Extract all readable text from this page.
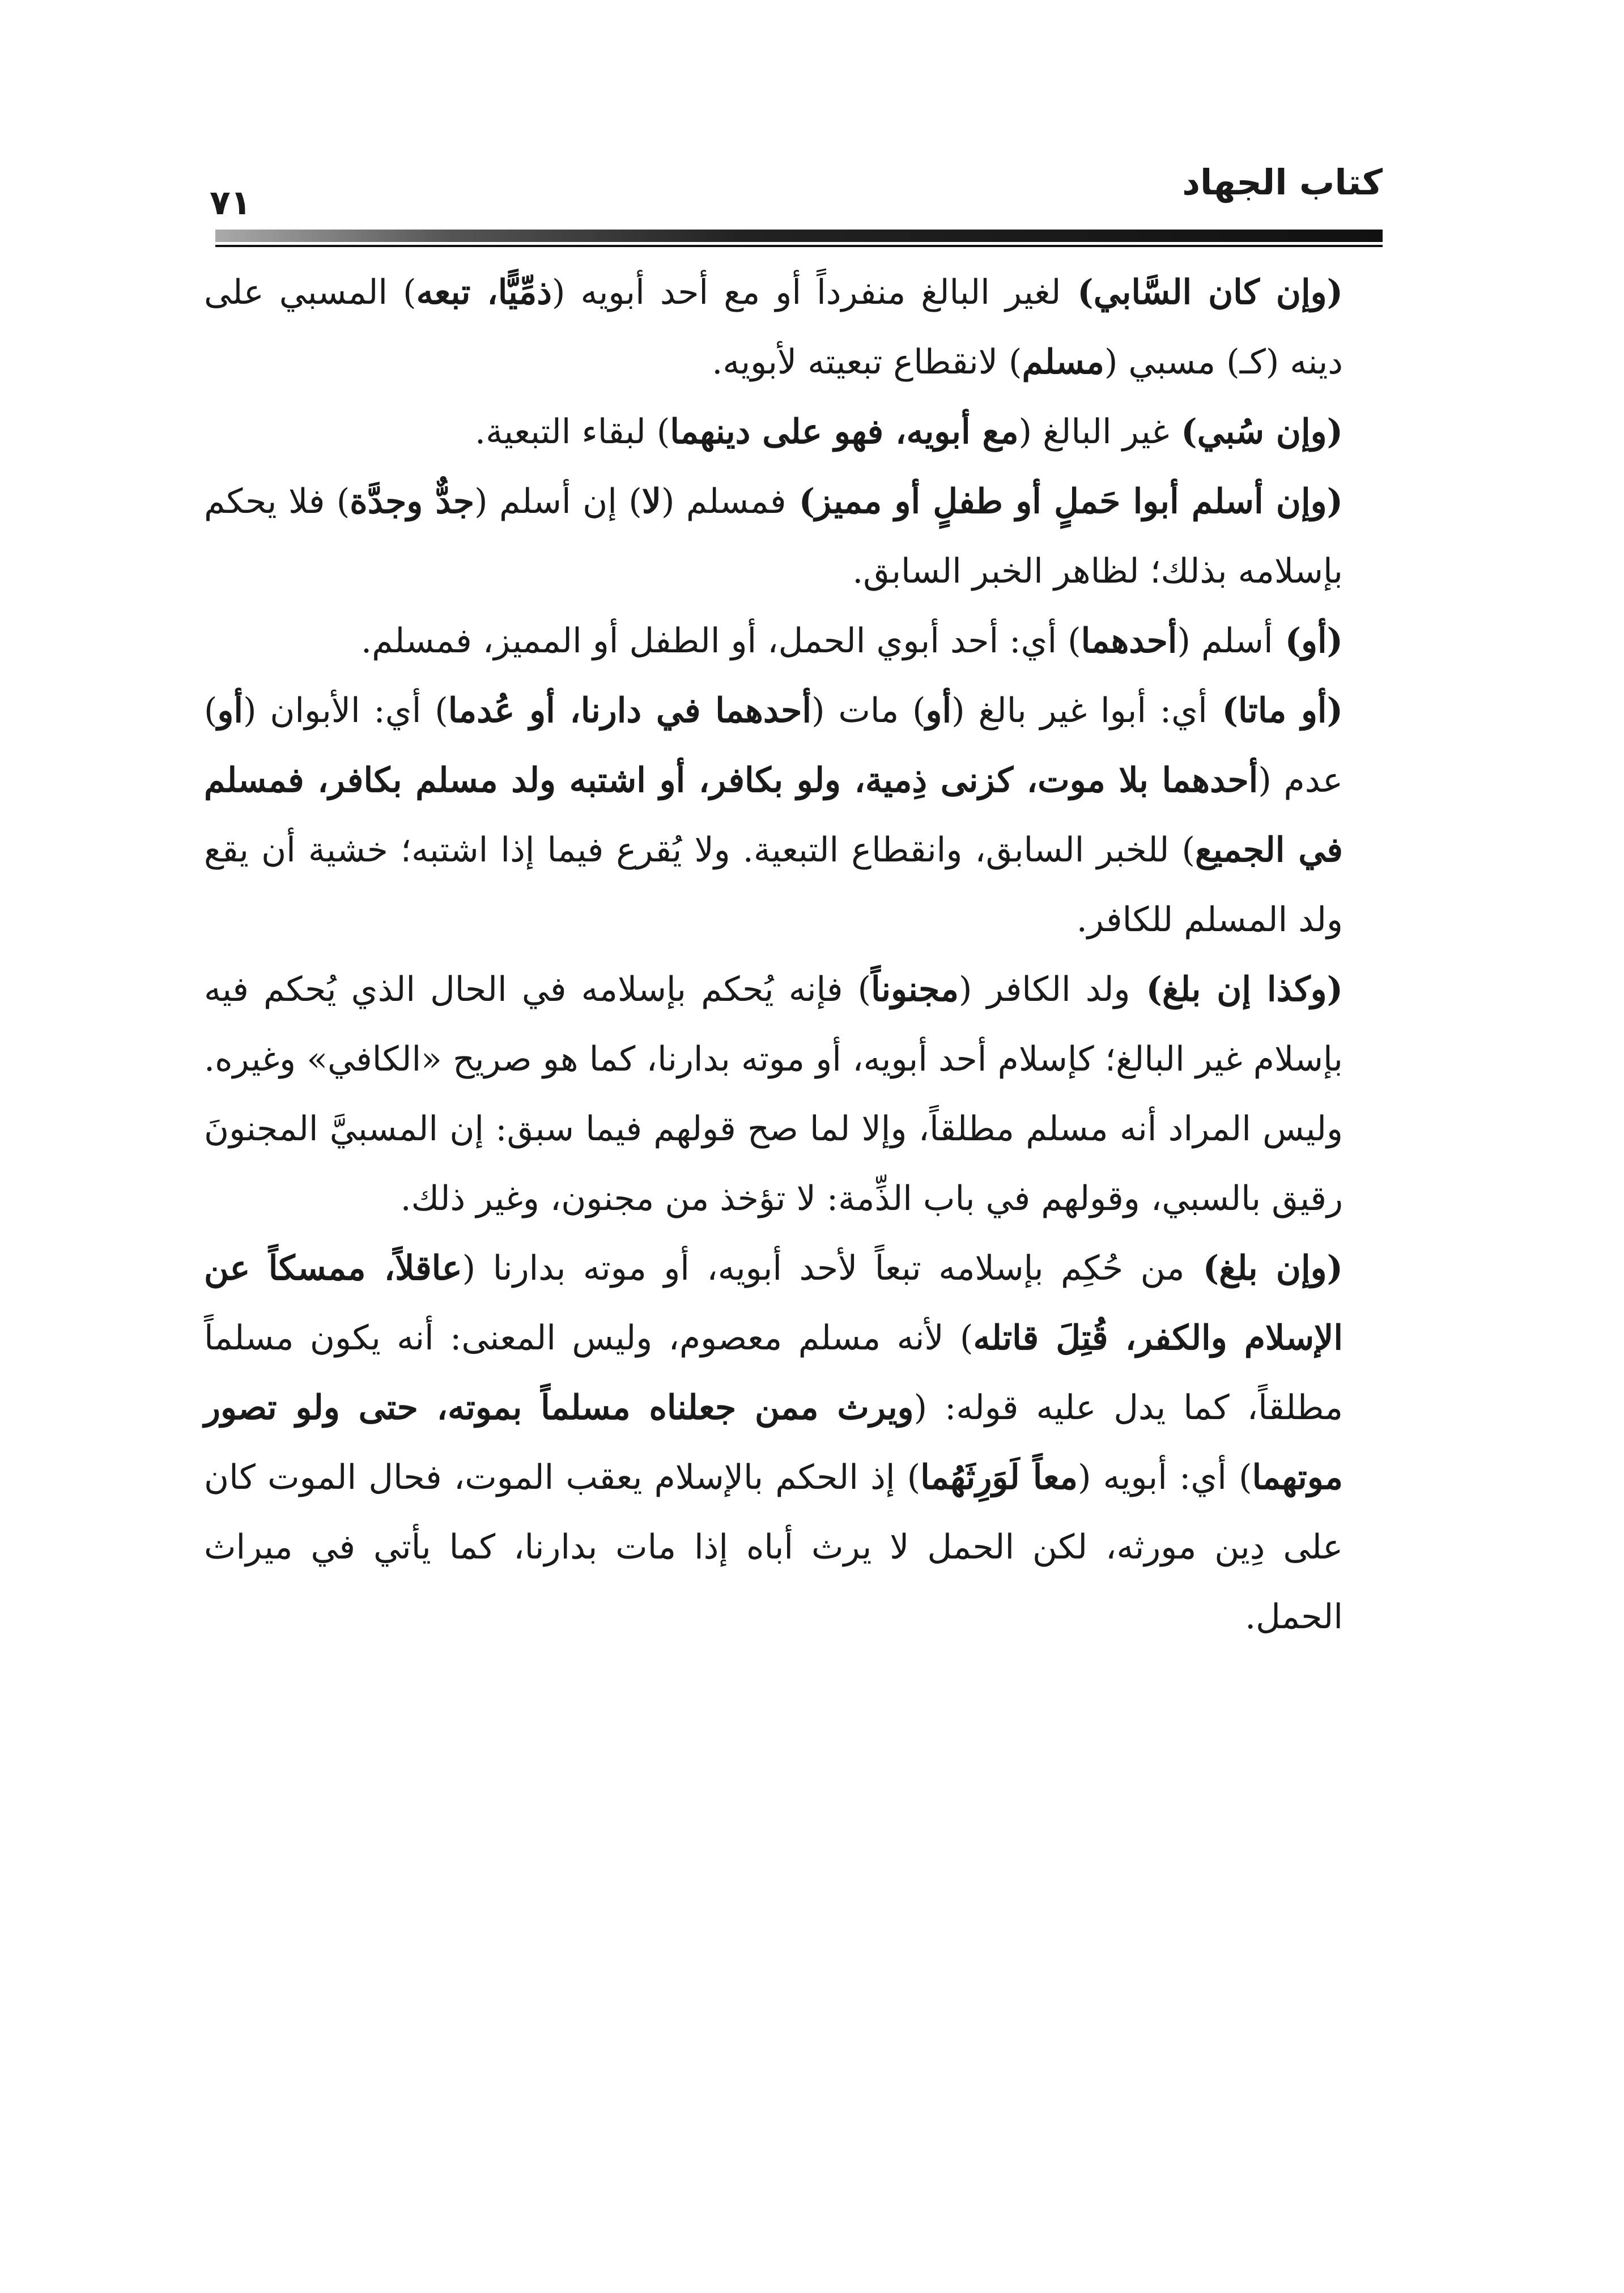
كتاب الجهاد
٧١

(وإن كان السَّابي) لغير البالغ منفرداً أو مع أحد أبويه (ذمِّيًّا، تبعه) المسبي على دينه (كـ) مسبي (مسلم) لانقطاع تبعيته لأبويه.

(وإن سُبي) غير البالغ (مع أبويه، فهو على دينهما) لبقاء التبعية.

(وإن أسلم أبوا حَملٍ أو طفلٍ أو مميز) فمسلم (لا) إن أسلم (جدٌّ وجدَّة) فلا يحكم بإسلامه بذلك؛ لظاهر الخبر السابق.

(أو) أسلم (أحدهما) أي: أحد أبوي الحمل، أو الطفل أو المميز، فمسلم.

(أو ماتا) أي: أبوا غير بالغ (أو) مات (أحدهما في دارنا، أو عُدما) أي: الأبوان (أو) عدم (أحدهما بلا موت، كزنى ذِمية، ولو بكافر، أو اشتبه ولد مسلم بكافر، فمسلم في الجميع) للخبر السابق، وانقطاع التبعية. ولا يُقرع فيما إذا اشتبه؛ خشية أن يقع ولد المسلم للكافر.

(وكذا إن بلغ) ولد الكافر (مجنوناً) فإنه يُحكم بإسلامه في الحال الذي يُحكم فيه بإسلام غير البالغ؛ كإسلام أحد أبويه، أو موته بدارنا، كما هو صريح «الكافي» وغيره. وليس المراد أنه مسلم مطلقاً، وإلا لما صح قولهم فيما سبق: إن المسبيَّ المجنونَ رقيق بالسبي، وقولهم في باب الذِّمة: لا تؤخذ من مجنون، وغير ذلك.

(وإن بلغ) من حُكِم بإسلامه تبعاً لأحد أبويه، أو موته بدارنا (عاقلاً، ممسكاً عن الإسلام والكفر، قُتِلَ قاتله) لأنه مسلم معصوم، وليس المعنى: أنه يكون مسلماً مطلقاً، كما يدل عليه قوله: (ويرث ممن جعلناه مسلماً بموته، حتى ولو تصور موتهما) أي: أبويه (معاً لَوَرِثَهُما) إذ الحكم بالإسلام يعقب الموت، فحال الموت كان على دِين مورثه، لكن الحمل لا يرث أباه إذا مات بدارنا، كما يأتي في ميراث الحمل.
